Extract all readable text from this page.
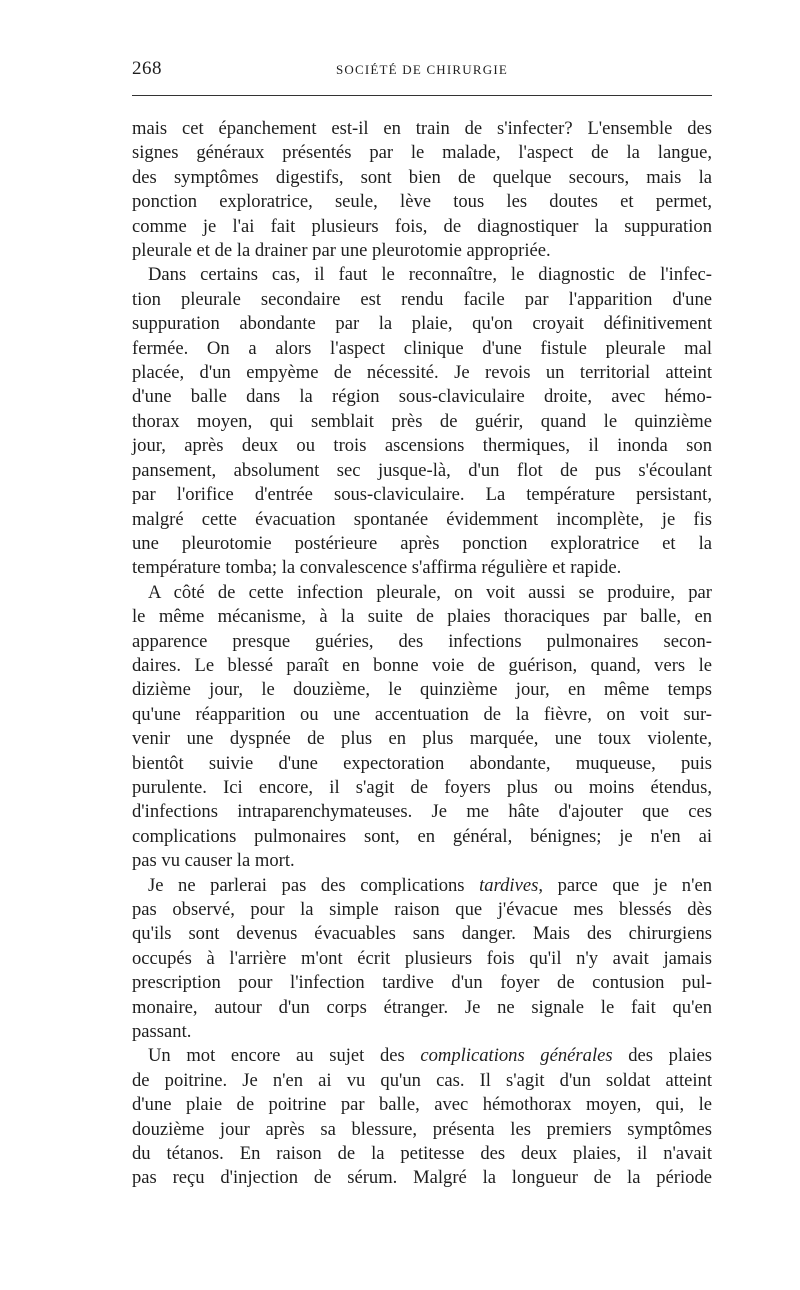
268	SOCIÉTÉ DE CHIRURGIE

mais cet épanchement est-il en train de s'infecter? L'ensemble des
signes généraux présentés par le malade, l'aspect de la langue,
des symptômes digestifs, sont bien de quelque secours, mais la
ponction exploratrice, seule, lève tous les doutes et permet,
comme je l'ai fait plusieurs fois, de diagnostiquer la suppuration
pleurale et de la drainer par une pleurotomie appropriée.

Dans certains cas, il faut le reconnaître, le diagnostic de l'infec-
tion pleurale secondaire est rendu facile par l'apparition d'une
suppuration abondante par la plaie, qu'on croyait définitivement
fermée. On a alors l'aspect clinique d'une fistule pleurale mal
placée, d'un empyème de nécessité. Je revois un territorial atteint
d'une balle dans la région sous-claviculaire droite, avec hémo-
thorax moyen, qui semblait près de guérir, quand le quinzième
jour, après deux ou trois ascensions thermiques, il inonda son
pansement, absolument sec jusque-là, d'un flot de pus s'écoulant
par l'orifice d'entrée sous-claviculaire. La température persistant,
malgré cette évacuation spontanée évidemment incomplète, je fis
une pleurotomie postérieure après ponction exploratrice et la
température tomba; la convalescence s'affirma régulière et rapide.

A côté de cette infection pleurale, on voit aussi se produire, par
le même mécanisme, à la suite de plaies thoraciques par balle, en
apparence presque guéries, des infections pulmonaires secon-
daires. Le blessé paraît en bonne voie de guérison, quand, vers le
dizième jour, le douzième, le quinzième jour, en même temps
qu'une réapparition ou une accentuation de la fièvre, on voit sur-
venir une dyspnée de plus en plus marquée, une toux violente,
bientôt suivie d'une expectoration abondante, muqueuse, puis
purulente. Ici encore, il s'agit de foyers plus ou moins étendus,
d'infections intraparenchymateuses. Je me hâte d'ajouter que ces
complications pulmonaires sont, en général, bénignes; je n'en ai
pas vu causer la mort.

Je ne parlerai pas des complications tardives, parce que je n'en
pas observé, pour la simple raison que j'évacue mes blessés dès
qu'ils sont devenus évacuables sans danger. Mais des chirurgiens
occupés à l'arrière m'ont écrit plusieurs fois qu'il n'y avait jamais
prescription pour l'infection tardive d'un foyer de contusion pul-
monaire, autour d'un corps étranger. Je ne signale le fait qu'en
passant.

Un mot encore au sujet des complications générales des plaies
de poitrine. Je n'en ai vu qu'un cas. Il s'agit d'un soldat atteint
d'une plaie de poitrine par balle, avec hémothorax moyen, qui, le
douzième jour après sa blessure, présenta les premiers symptômes
du tétanos. En raison de la petitesse des deux plaies, il n'avait
pas reçu d'injection de sérum. Malgré la longueur de la période
